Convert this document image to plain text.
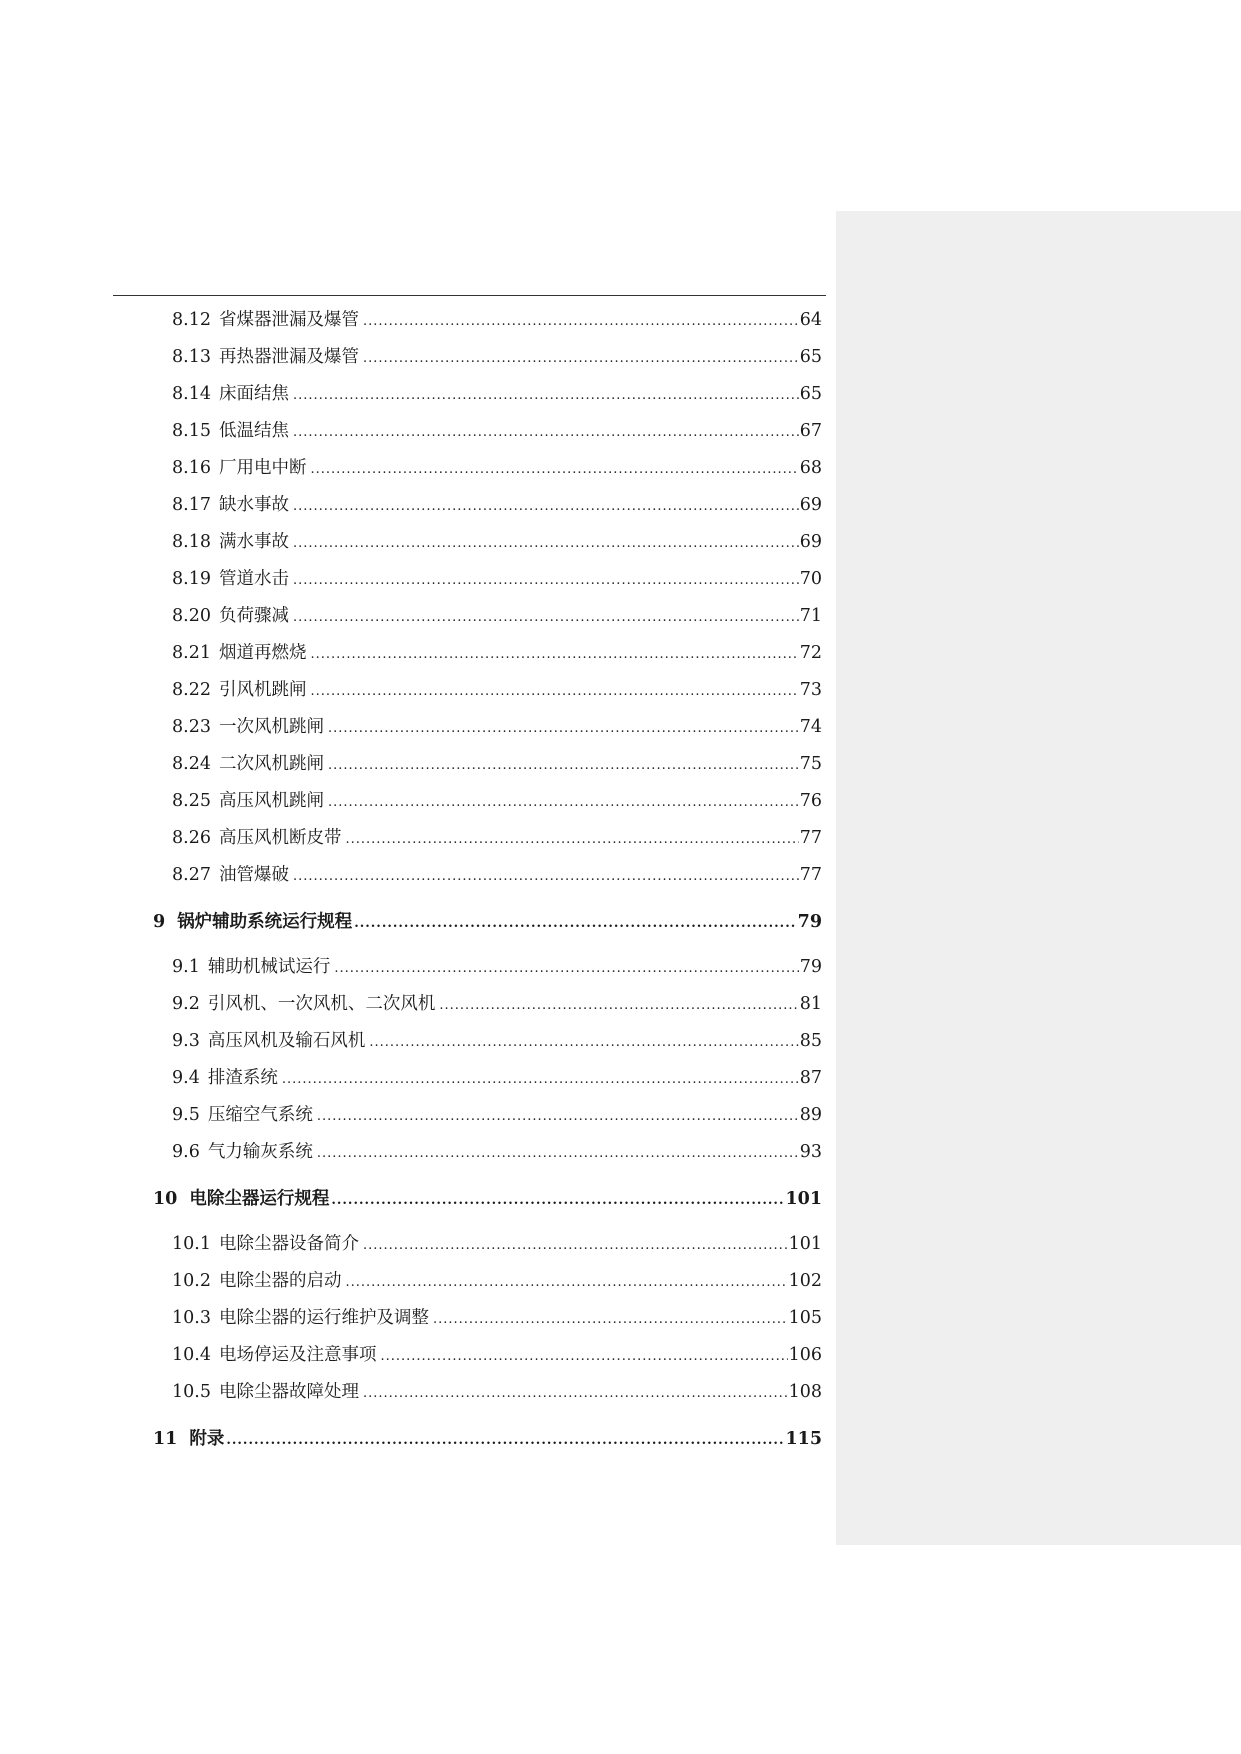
8.12 省煤器泄漏及爆管 .....	64
8.13 再热器泄漏及爆管 .....	65
8.14 床面结焦 .....	65
8.15 低温结焦 .....	67
8.16 厂用电中断 .....	68
8.17 缺水事故 .....	69
8.18 满水事故 .....	69
8.19 管道水击 .....	70
8.20 负荷骤减 .....	71
8.21 烟道再燃烧 .....	72
8.22 引风机跳闸 .....	73
8.23 一次风机跳闸 .....	74
8.24 二次风机跳闸 .....	75
8.25 高压风机跳闸 .....	76
8.26 高压风机断皮带 .....	77
8.27 油管爆破 .....	77
9 锅炉辅助系统运行规程 .....	79
9.1 辅助机械试运行 .....	79
9.2 引风机、一次风机、二次风机 .....	81
9.3 高压风机及输石风机 .....	85
9.4 排渣系统 .....	87
9.5 压缩空气系统 .....	89
9.6 气力输灰系统 .....	93
10 电除尘器运行规程 .....	101
10.1 电除尘器设备简介 .....	101
10.2 电除尘器的启动 .....	102
10.3 电除尘器的运行维护及调整 .....	105
10.4 电场停运及注意事项 .....	106
10.5 电除尘器故障处理 .....	108
11 附录 .....	115
